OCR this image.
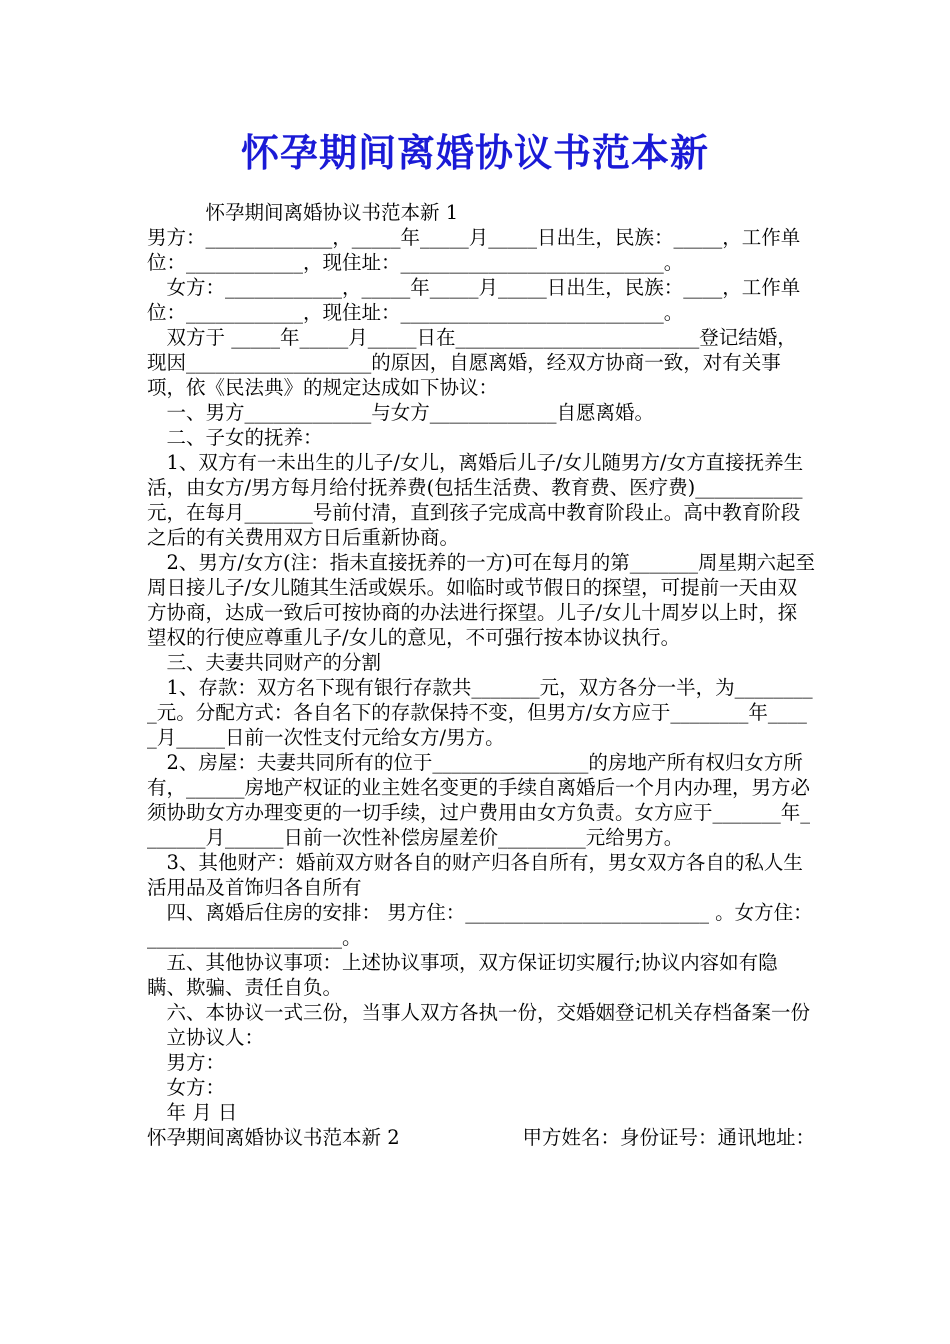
怀孕期间离婚协议书范本新

　　　怀孕期间离婚协议书范本新 1

男方：_____________，_____年_____月_____日出生，民族：_____，工作单位：____________，现住址：___________________________。

　女方：____________，_____年_____月_____日出生，民族：____，工作单位：____________，现住址：___________________________。

　双方于 _____年_____月_____日在_________________________登记结婚，现因___________________的原因，自愿离婚，经双方协商一致，对有关事项，依《民法典》的规定达成如下协议：

　一、男方_____________与女方_____________自愿离婚。

　二、子女的抚养：

　1、双方有一未出生的儿子/女儿，离婚后儿子/女儿随男方/女方直接抚养生活，由女方/男方每月给付抚养费(包括生活费、教育费、医疗费)___________元，在每月_______号前付清，直到孩子完成高中教育阶段止。高中教育阶段之后的有关费用双方日后重新协商。

　2、男方/女方(注：指未直接抚养的一方)可在每月的第_______周星期六起至周日接儿子/女儿随其生活或娱乐。如临时或节假日的探望，可提前一天由双方协商，达成一致后可按协商的办法进行探望。儿子/女儿十周岁以上时，探望权的行使应尊重儿子/女儿的意见，不可强行按本协议执行。

　三、夫妻共同财产的分割

　1、存款：双方名下现有银行存款共_______元，双方各分一半，为_________元。分配方式：各自名下的存款保持不变，但男方/女方应于________年_____月_____日前一次性支付元给女方/男方。

　2、房屋：夫妻共同所有的位于________________的房地产所有权归女方所有，______房地产权证的业主姓名变更的手续自离婚后一个月内办理，男方必须协助女方办理变更的一切手续，过户费用由女方负责。女方应于_______年_______月______日前一次性补偿房屋差价_________元给男方。

　3、其他财产：婚前双方财各自的财产归各自所有，男女双方各自的私人生活用品及首饰归各自所有

　四、离婚后住房的安排： 男方住：_________________________ 。女方住：____________________。

　五、其他协议事项：上述协议事项，双方保证切实履行;协议内容如有隐瞒、欺骗、责任自负。

　六、本协议一式三份，当事人双方各执一份，交婚姻登记机关存档备案一份

　立协议人：

　男方：

　女方：

　年 月 日

怀孕期间离婚协议书范本新 2	甲方姓名：身份证号：通讯地址：
